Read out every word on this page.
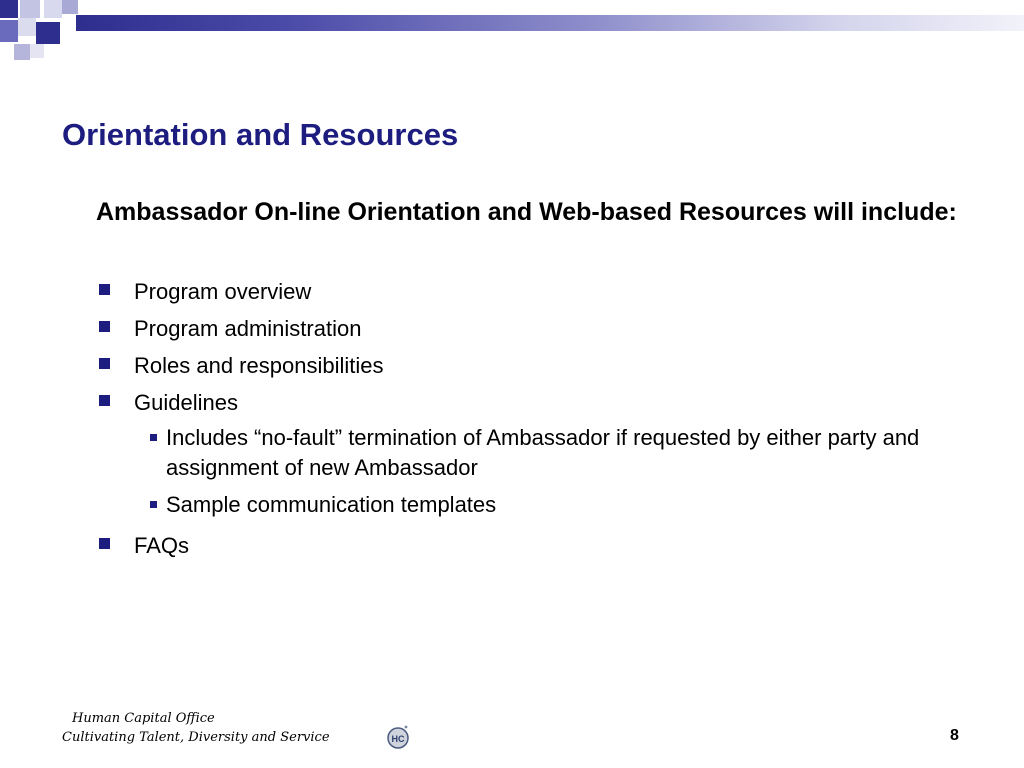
Orientation and Resources

Ambassador On-line Orientation and Web-based Resources will include:

Program overview
Program administration
Roles and responsibilities
Guidelines
Includes “no-fault” termination of Ambassador if requested by either party and assignment of new Ambassador
Sample communication templates
FAQs
Human Capital Office
Cultivating Talent, Diversity and Service	HC	8
